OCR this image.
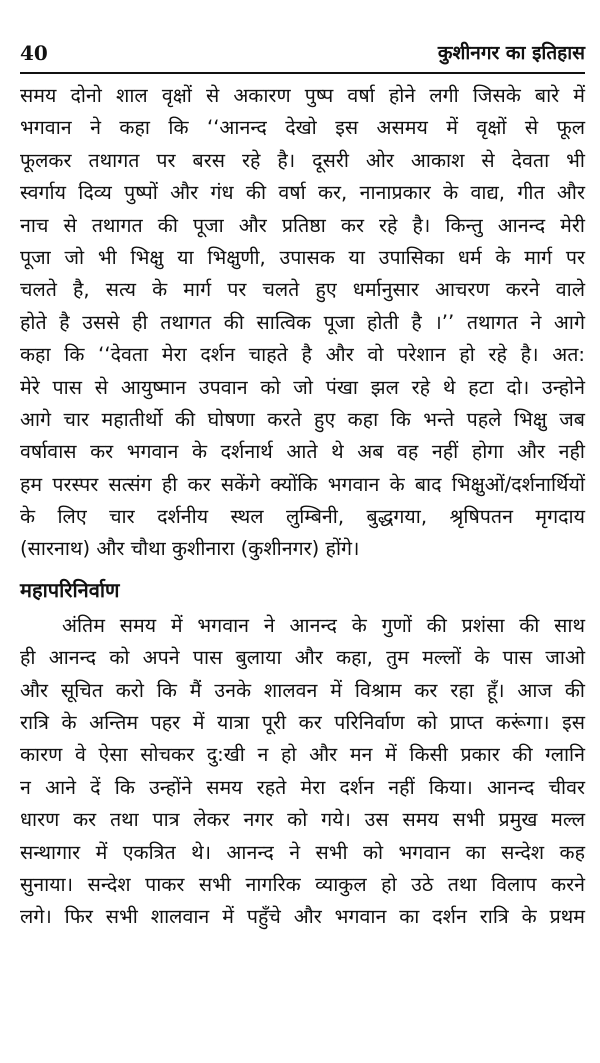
40	कुशीनगर का इतिहास
समय दोनो शाल वृक्षों से अकारण पुष्प वर्षा होने लगी जिसके बारे में
भगवान ने कहा कि ‘‘आनन्द देखो इस असमय में वृक्षों से फूल
फूलकर तथागत पर बरस रहे है। दूसरी ओर आकाश से देवता भी
स्वर्गाय दिव्य पुष्पों और गंध की वर्षा कर, नानाप्रकार के वाद्य, गीत और
नाच से तथागत की पूजा और प्रतिष्ठा कर रहे है। किन्तु आनन्द मेरी
पूजा जो भी भिक्षु या भिक्षुणी, उपासक या उपासिका धर्म के मार्ग पर
चलते है, सत्य के मार्ग पर चलते हुए धर्मानुसार आचरण करने वाले
होते है उससे ही तथागत की सात्विक पूजा होती है ।’’ तथागत ने आगे
कहा कि ‘‘देवता मेरा दर्शन चाहते है और वो परेशान हो रहे है। अत:
मेरे पास से आयुष्मान उपवान को जो पंखा झल रहे थे हटा दो। उन्होने
आगे चार महातीर्थो की घोषणा करते हुए कहा कि भन्ते पहले भिक्षु जब
वर्षावास कर भगवान के दर्शनार्थ आते थे अब वह नहीं होगा और नही
हम परस्पर सत्संग ही कर सकेंगे क्योंकि भगवान के बाद भिक्षुओं/दर्शनार्थियों
के लिए चार दर्शनीय स्थल लुम्बिनी, बुद्धगया, श्रृषिपतन मृगदाय
(सारनाथ) और चौथा कुशीनारा (कुशीनगर) होंगे।
महापरिनिर्वाण
अंतिम समय में भगवान ने आनन्द के गुणों की प्रशंसा की साथ
ही आनन्द को अपने पास बुलाया और कहा, तुम मल्लों के पास जाओ
और सूचित करो कि मैं उनके शालवन में विश्राम कर रहा हूँ। आज की
रात्रि के अन्तिम पहर में यात्रा पूरी कर परिनिर्वाण को प्राप्त करूंगा। इस
कारण वे ऐसा सोचकर दु:खी न हो और मन में किसी प्रकार की ग्लानि
न आने दें कि उन्होंने समय रहते मेरा दर्शन नहीं किया। आनन्द चीवर
धारण कर तथा पात्र लेकर नगर को गये। उस समय सभी प्रमुख मल्ल
सन्थागार में एकत्रित थे। आनन्द ने सभी को भगवान का सन्देश कह
सुनाया। सन्देश पाकर सभी नागरिक व्याकुल हो उठे तथा विलाप करने
लगे। फिर सभी शालवान में पहुँचे और भगवान का दर्शन रात्रि के प्रथम
